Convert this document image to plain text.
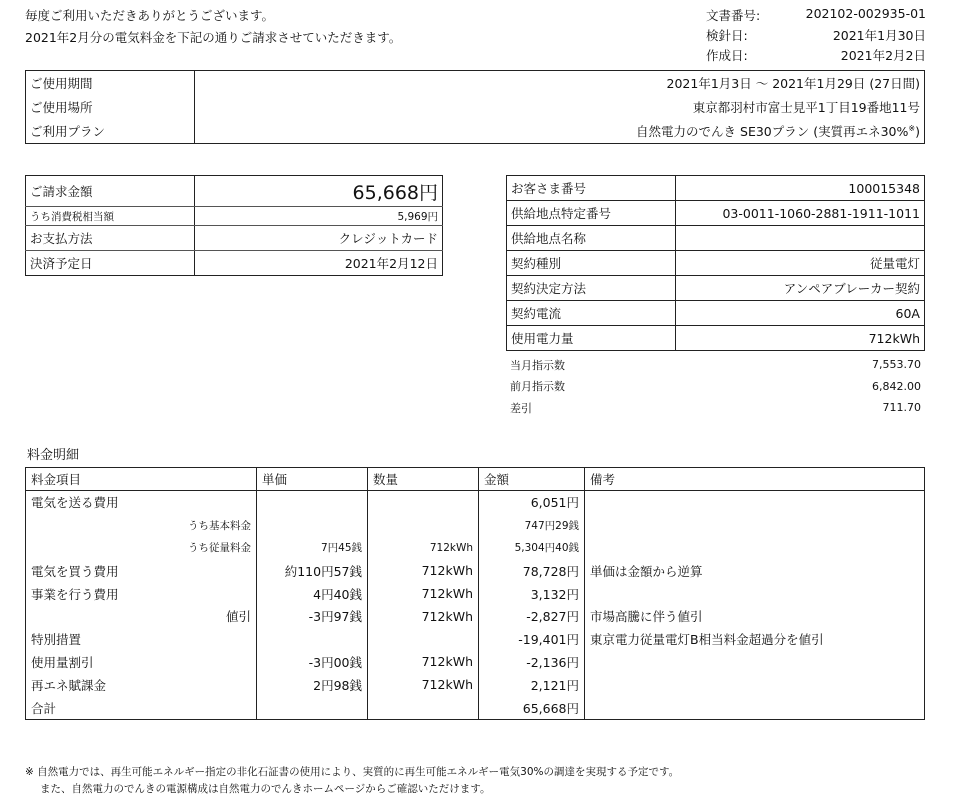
毎度ご利用いただきありがとうございます。
2021年2月分の電気料金を下記の通りご請求させていただきます。
文書番号:	202102-002935-01
検針日:	2021年1月30日
作成日:	2021年2月2日
ご使用期間	2021年1月3日 ～ 2021年1月29日 (27日間)
ご使用場所	東京都羽村市富士見平1丁目19番地11号
ご利用プラン	自然電力のでんき SE30プラン (実質再エネ30%※)
ご請求金額	65,668円
うち消費税相当額	5,969円
お支払方法	クレジットカード
決済予定日	2021年2月12日
お客さま番号	100015348
供給地点特定番号	03-0011-1060-2881-1911-1011
供給地点名称	
契約種別	従量電灯
契約決定方法	アンペアブレーカー契約
契約電流	60A
使用電力量	712kWh
当月指示数	7,553.70
前月指示数	6,842.00
差引	711.70
料金明細
料金項目	単価	数量	金額	備考
電気を送る費用			6,051円	
うち基本料金			747円29銭	
うち従量料金	7円45銭	712kWh	5,304円40銭	
電気を買う費用	約110円57銭	712kWh	78,728円	単価は金額から逆算
事業を行う費用	4円40銭	712kWh	3,132円	
値引	-3円97銭	712kWh	-2,827円	市場高騰に伴う値引
特別措置			-19,401円	東京電力従量電灯B相当料金超過分を値引
使用量割引	-3円00銭	712kWh	-2,136円	
再エネ賦課金	2円98銭	712kWh	2,121円	
合計			65,668円	
※ 自然電力では、再生可能エネルギー指定の非化石証書の使用により、実質的に再生可能エネルギー電気30%の調達を実現する予定です。
また、自然電力のでんきの電源構成は自然電力のでんきホームページからご確認いただけます。
